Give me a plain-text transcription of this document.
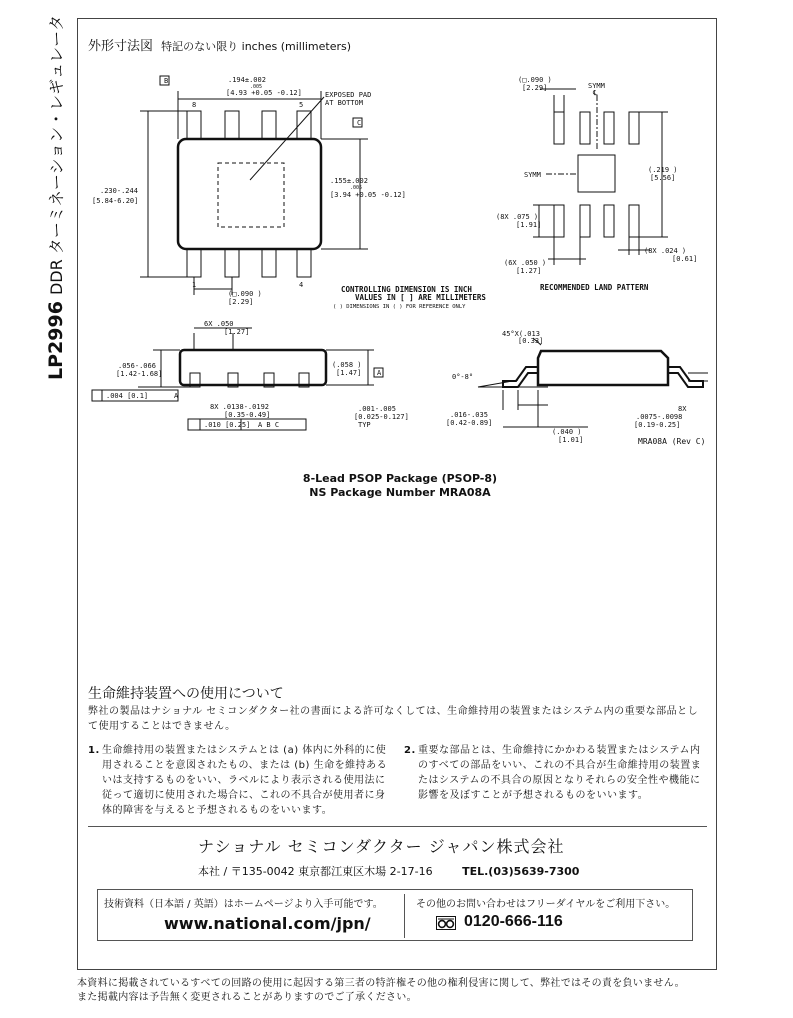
LP2996 DDR ターミネーション・レギュレータ 外形寸法図 特記のない限り inches (millimeters)
B
C
.194±.002
.005
[4.93 +0.05 -0.12]
8	5
1	4
EXPOSED PAD
AT BOTTOM
.230-.244
[5.84-6.20]
.155±.002
.005
[3.94 +0.05 -0.12]
(□.090 )
[2.29]
CONTROLLING DIMENSION IS INCH
VALUES IN [ ] ARE MILLIMETERS
( ) DIMENSIONS IN ( ) FOR REFERENCE ONLY
(□.090 )
[2.29]	SYMM
℄
SYMM
(.219 )
[5.56]
(8X .075 )
[1.91]
(6X .050 )
[1.27]
(8X .024 )
[0.61]
RECOMMENDED LAND PATTERN
6X .050
[1.27]
.056-.066
[1.42-1.68]
(.058 )
[1.47] A
.004 [0.1]	A
8X .0138-.0192
[0.35-0.49]
.010 [0.25] A B C
.001-.005
[0.025-0.127]
TYP
45°X(.013
[0.33]
0°-8°
.016-.035
[0.42-0.89]
(.040 )
[1.01]
8X
.0075-.0098
[0.19-0.25]
MRA08A (Rev C)
8-Lead PSOP Package (PSOP-8)
NS Package Number MRA08A
生命維持装置への使用について
弊社の製品はナショナル セミコンダクター社の書面による許可なくしては、生命維持用の装置またはシステム内の重要な部品として使用することはできません。
1. 生命維持用の装置またはシステムとは (a) 体内に外科的に使用されることを意図されたもの、または (b) 生命を維持あるいは支持するものをいい、ラベルにより表示される使用法に従って適切に使用された場合に、これの不具合が使用者に身体的障害を与えると予想されるものをいいます。
2. 重要な部品とは、生命維持にかかわる装置またはシステム内のすべての部品をいい、これの不具合が生命維持用の装置またはシステムの不具合の原因となりそれらの安全性や機能に影響を及ぼすことが予想されるものをいいます。
ナショナル セミコンダクター ジャパン株式会社
本社 / 〒135-0042 東京都江東区木場 2-17-16	TEL.(03)5639-7300
技術資料（日本語 / 英語）はホームページより入手可能です。
www.national.com/jpn/
その他のお問い合わせはフリーダイヤルをご利用下さい。
0120-666-116
本資料に掲載されているすべての回路の使用に起因する第三者の特許権その他の権利侵害に関して、弊社ではその責を負いません。
また掲載内容は予告無く変更されることがありますのでご了承ください。
